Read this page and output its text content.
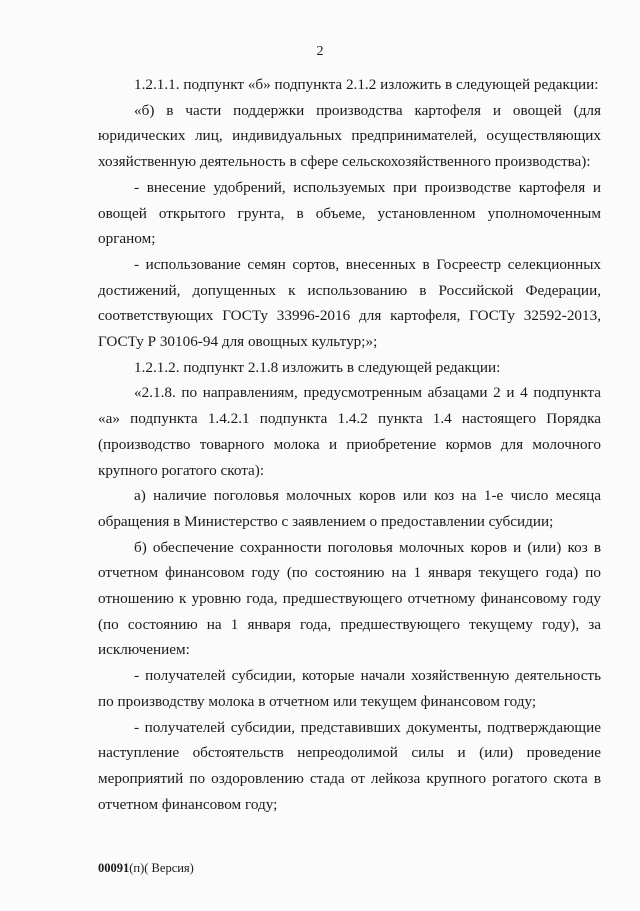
2

1.2.1.1. подпункт «б» подпункта 2.1.2 изложить в следующей редакции:

«б) в части поддержки производства картофеля и овощей (для юридических лиц, индивидуальных предпринимателей, осуществляющих хозяйственную деятельность в сфере сельскохозяйственного производства):

- внесение удобрений, используемых при производстве картофеля и овощей открытого грунта, в объеме, установленном уполномоченным органом;

- использование семян сортов, внесенных в Госреестр селекционных достижений, допущенных к использованию в Российской Федерации, соответствующих ГОСТу 33996-2016 для картофеля, ГОСТу 32592-2013, ГОСТу Р 30106-94 для овощных культур;»;

1.2.1.2. подпункт 2.1.8 изложить в следующей редакции:

«2.1.8. по направлениям, предусмотренным абзацами 2 и 4 подпункта «а» подпункта 1.4.2.1 подпункта 1.4.2 пункта 1.4 настоящего Порядка (производство товарного молока и приобретение кормов для молочного крупного рогатого скота):

а) наличие поголовья молочных коров или коз на 1-е число месяца обращения в Министерство с заявлением о предоставлении субсидии;

б) обеспечение сохранности поголовья молочных коров и (или) коз в отчетном финансовом году (по состоянию на 1 января текущего года) по отношению к уровню года, предшествующего отчетному финансовому году (по состоянию на 1 января года, предшествующего текущему году), за исключением:

- получателей субсидии, которые начали хозяйственную деятельность по производству молока в отчетном или текущем финансовом году;

- получателей субсидии, представивших документы, подтверждающие наступление обстоятельств непреодолимой силы и (или) проведение мероприятий по оздоровлению стада от лейкоза крупного рогатого скота в отчетном финансовом году;

00091(п)( Версия)
